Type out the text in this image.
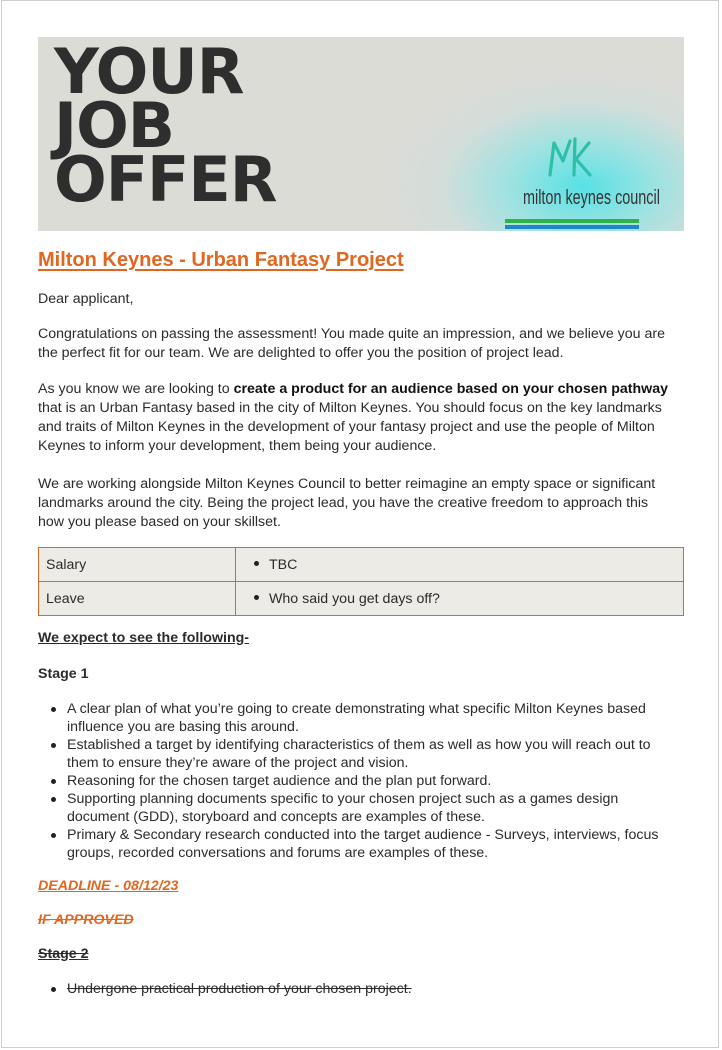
YOUR
JOB
OFFER	milton keynes council
Milton Keynes - Urban Fantasy Project

Dear applicant,

Congratulations on passing the assessment! You made quite an impression, and we believe you are the perfect fit for our team. We are delighted to offer you the position of project lead.

As you know we are looking to create a product for an audience based on your chosen pathway that is an Urban Fantasy based in the city of Milton Keynes. You should focus on the key landmarks and traits of Milton Keynes in the development of your fantasy project and use the people of Milton Keynes to inform your development, them being your audience.

We are working alongside Milton Keynes Council to better reimagine an empty space or significant landmarks around the city. Being the project lead, you have the creative freedom to approach this how you please based on your skillset.

Salary	TBC
Leave	Who said you get days off?
We expect to see the following-
Stage 1
A clear plan of what you’re going to create demonstrating what specific Milton Keynes based influence you are basing this around.
Established a target by identifying characteristics of them as well as how you will reach out to them to ensure they’re aware of the project and vision.
Reasoning for the chosen target audience and the plan put forward.
Supporting planning documents specific to your chosen project such as a games design document (GDD), storyboard and concepts are examples of these.
Primary & Secondary research conducted into the target audience - Surveys, interviews, focus groups, recorded conversations and forums are examples of these.
DEADLINE - 08/12/23
IF APPROVED
Stage 2
Undergone practical production of your chosen project.
